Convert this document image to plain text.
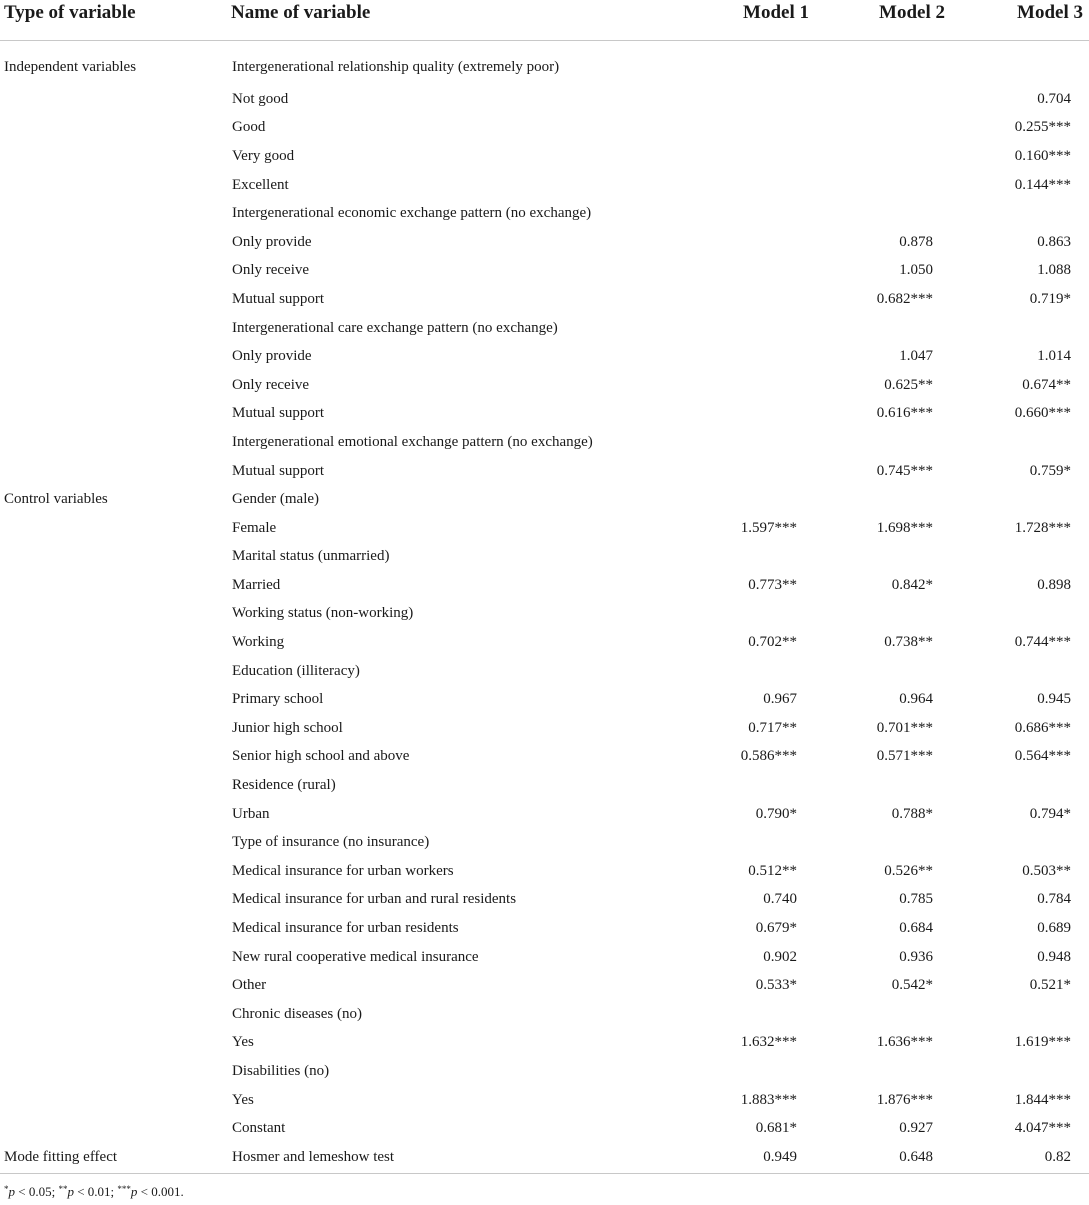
Type of variable	Name of variable	Model 1	Model 2	Model 3
Independent variables	Intergenerational relationship quality (extremely poor)			
	Not good			0.704
	Good			0.255***
	Very good			0.160***
	Excellent			0.144***
	Intergenerational economic exchange pattern (no exchange)			
	Only provide		0.878	0.863
	Only receive		1.050	1.088
	Mutual support		0.682***	0.719*
	Intergenerational care exchange pattern (no exchange)			
	Only provide		1.047	1.014
	Only receive		0.625**	0.674**
	Mutual support		0.616***	0.660***
	Intergenerational emotional exchange pattern (no exchange)			
	Mutual support		0.745***	0.759*
Control variables	Gender (male)			
	Female	1.597***	1.698***	1.728***
	Marital status (unmarried)			
	Married	0.773**	0.842*	0.898
	Working status (non-working)			
	Working	0.702**	0.738**	0.744***
	Education (illiteracy)			
	Primary school	0.967	0.964	0.945
	Junior high school	0.717**	0.701***	0.686***
	Senior high school and above	0.586***	0.571***	0.564***
	Residence (rural)			
	Urban	0.790*	0.788*	0.794*
	Type of insurance (no insurance)			
	Medical insurance for urban workers	0.512**	0.526**	0.503**
	Medical insurance for urban and rural residents	0.740	0.785	0.784
	Medical insurance for urban residents	0.679*	0.684	0.689
	New rural cooperative medical insurance	0.902	0.936	0.948
	Other	0.533*	0.542*	0.521*
	Chronic diseases (no)			
	Yes	1.632***	1.636***	1.619***
	Disabilities (no)			
	Yes	1.883***	1.876***	1.844***
	Constant	0.681*	0.927	4.047***
Mode fitting effect	Hosmer and lemeshow test	0.949	0.648	0.82
*p < 0.05; **p < 0.01; ***p < 0.001.
